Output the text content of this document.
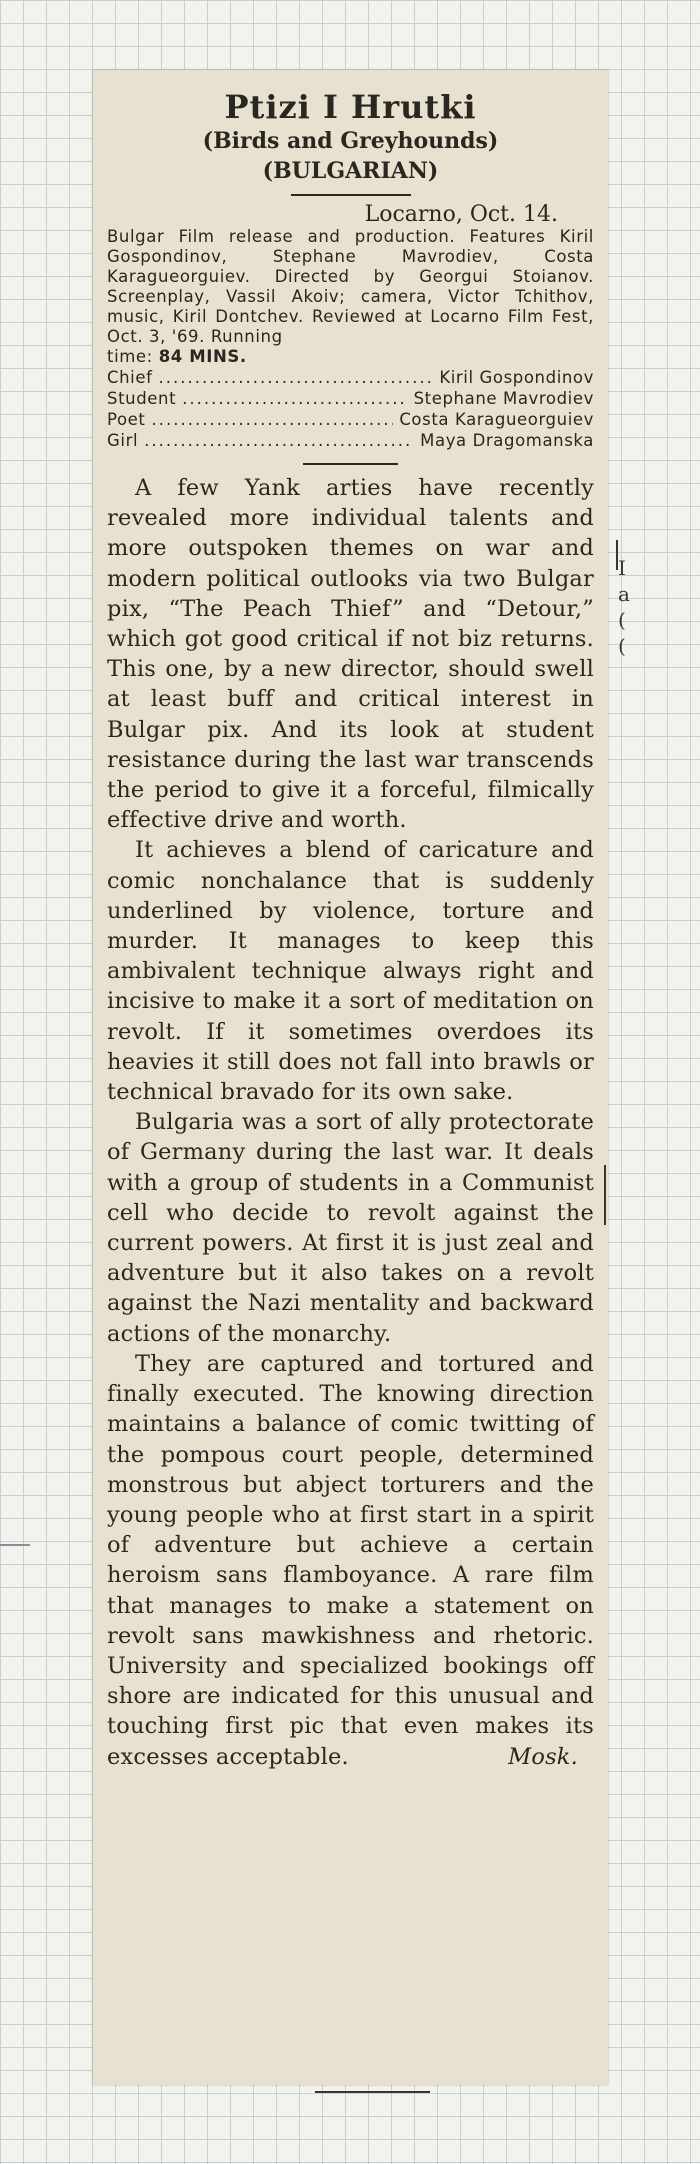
Ptizi I Hrutki
(Birds and Greyhounds)
(BULGARIAN)
Locarno, Oct. 14.
Bulgar Film release and production. Features Kiril Gospondinov, Stephane Mavrodiev, Costa Karagueorguiev. Directed by Georgui Stoianov. Screenplay, Vassil Akoiv; camera, Victor Tchithov, music, Kiril Dontchev. Reviewed at Locarno Film Fest, Oct. 3, '69. Running
time: 84 MINS.
Chief .....	Kiril Gospondinov
Student .....	Stephane Mavrodiev
Poet .....	Costa Karagueorguiev
Girl .....	Maya Dragomanska

A few Yank arties have recently revealed more individual talents and more outspoken themes on war and modern political outlooks via two Bulgar pix, “The Peach Thief” and “Detour,” which got good critical if not biz returns. This one, by a new director, should swell at least buff and critical interest in Bulgar pix. And its look at student resistance during the last war transcends the period to give it a forceful, filmically effective drive and worth.

It achieves a blend of caricature and comic nonchalance that is suddenly underlined by violence, torture and murder. It manages to keep this ambivalent technique always right and incisive to make it a sort of meditation on revolt. If it sometimes overdoes its heavies it still does not fall into brawls or technical bravado for its own sake.

Bulgaria was a sort of ally protectorate of Germany during the last war. It deals with a group of students in a Communist cell who decide to revolt against the current powers. At first it is just zeal and adventure but it also takes on a revolt against the Nazi mentality and backward actions of the monarchy.

They are captured and tortured and finally executed. The knowing direction maintains a balance of comic twitting of the pompous court people, determined monstrous but abject torturers and the young people who at first start in a spirit of adventure but achieve a certain heroism sans flamboyance. A rare film that manages to make a statement on revolt sans mawkishness and rhetoric. University and specialized bookings off shore are indicated for this unusual and touching first pic that even makes its excesses acceptable.	Mosk.

I
a
(
(
